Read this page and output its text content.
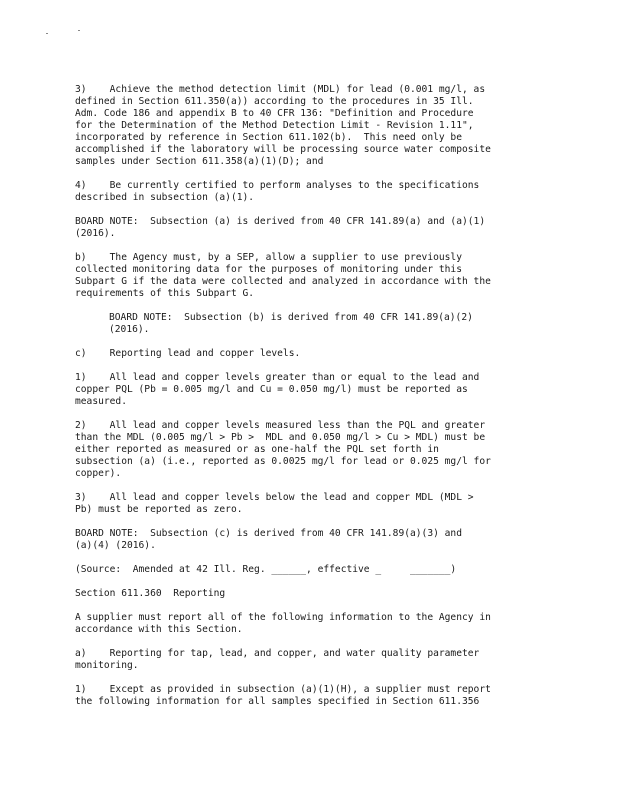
3)    Achieve the method detection limit (MDL) for lead (0.001 mg/l, as
defined in Section 611.350(a)) according to the procedures in 35 Ill.
Adm. Code 186 and appendix B to 40 CFR 136: "Definition and Procedure
for the Determination of the Method Detection Limit - Revision 1.11",
incorporated by reference in Section 611.102(b).  This need only be
accomplished if the laboratory will be processing source water composite
samples under Section 611.358(a)(1)(D); and

4)    Be currently certified to perform analyses to the specifications
described in subsection (a)(1).

BOARD NOTE:  Subsection (a) is derived from 40 CFR 141.89(a) and (a)(1)
(2016).

b)    The Agency must, by a SEP, allow a supplier to use previously
collected monitoring data for the purposes of monitoring under this
Subpart G if the data were collected and analyzed in accordance with the
requirements of this Subpart G.

BOARD NOTE:  Subsection (b) is derived from 40 CFR 141.89(a)(2)
(2016).

c)    Reporting lead and copper levels.

1)    All lead and copper levels greater than or equal to the lead and
copper PQL (Pb = 0.005 mg/l and Cu = 0.050 mg/l) must be reported as
measured.

2)    All lead and copper levels measured less than the PQL and greater
than the MDL (0.005 mg/l > Pb >  MDL and 0.050 mg/l > Cu > MDL) must be
either reported as measured or as one-half the PQL set forth in
subsection (a) (i.e., reported as 0.0025 mg/l for lead or 0.025 mg/l for
copper).

3)    All lead and copper levels below the lead and copper MDL (MDL >
Pb) must be reported as zero.

BOARD NOTE:  Subsection (c) is derived from 40 CFR 141.89(a)(3) and
(a)(4) (2016).

(Source:  Amended at 42 Ill. Reg. ______, effective _     _______)

Section 611.360  Reporting

A supplier must report all of the following information to the Agency in
accordance with this Section.

a)    Reporting for tap, lead, and copper, and water quality parameter
monitoring.

1)    Except as provided in subsection (a)(1)(H), a supplier must report
the following information for all samples specified in Section 611.356
